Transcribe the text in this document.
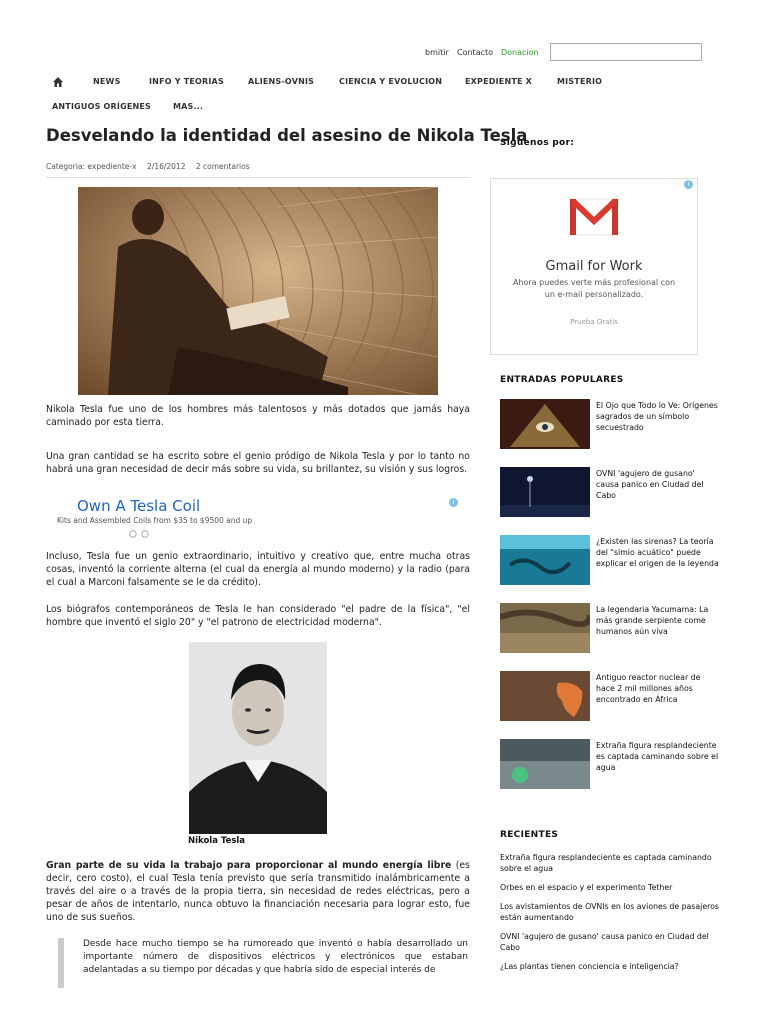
bmitir Contacto Donacion
NEWS	INFO Y TEORIAS	ALIENS-OVNIS	CIENCIA Y EVOLUCION	EXPEDIENTE X	MISTERIO
ANTIGUOS ORÍGENES	MAS...
Desvelando la identidad del asesino de Nikola Tesla
Categoria: expediente-x 2/16/2012 2 comentarios

Nikola Tesla fue uno de los hombres más talentosos y más dotados que jamás haya caminado por esta tierra.

Una gran cantidad se ha escrito sobre el genio pródigo de Nikola Tesla y por lo tanto no habrá una gran necesidad de decir más sobre su vida, su brillantez, su visión y sus logros.

Own A Tesla Coil
Kits and Assembled Coils from $35 to $9500 and up
i

Incluso, Tesla fue un genio extraordinario, intuitivo y creativo que, entre mucha otras cosas, inventó la corriente alterna (el cual da energía al mundo moderno) y la radio (para el cual a Marconi falsamente se le da crédito).

Los biógrafos contemporáneos de Tesla le han considerado "el padre de la física", "el hombre que inventó el siglo 20" y "el patrono de electricidad moderna".

Nikola Tesla

Gran parte de su vida la trabajo para proporcionar al mundo energía libre (es decir, cero costo), el cual Tesla tenía previsto que sería transmitido inalámbricamente a través del aire o a través de la propia tierra, sin necesidad de redes eléctricas, pero a pesar de años de intentarlo, nunca obtuvo la financiación necesaria para lograr esto, fue uno de sus sueños.

Desde hace mucho tiempo se ha rumoreado que inventó o había desarrollado un importante número de dispositivos eléctricos y electrónicos que estaban adelantadas a su tiempo por décadas y que habría sido de especial interés de
Siguenos por:
i
Gmail for Work
Ahora puedes verte más profesional con un e-mail personalizado.
Prueba Gratis
ENTRADAS POPULARES
El Ojo que Todo lo Ve: Orígenes sagrados de un símbolo secuestrado
OVNI 'agujero de gusano' causa panico en Ciudad del Cabo
¿Existen las sirenas? La teoría del "simio acuático" puede explicar el origen de la leyenda
La legendaria Yacumama: La más grande serpiente come humanos aún viva
Antiguo reactor nuclear de hace 2 mil millones años encontrado en África
Extraña figura resplandeciente es captada caminando sobre el agua
RECIENTES
Extraña figura resplandeciente es captada caminando sobre el agua
Orbes en el espacio y el experimento Tether
Los avistamientos de OVNIs en los aviones de pasajeros están aumentando
OVNI 'agujero de gusano' causa panico en Ciudad del Cabo
¿Las plantas tienen conciencia e inteligencia?
